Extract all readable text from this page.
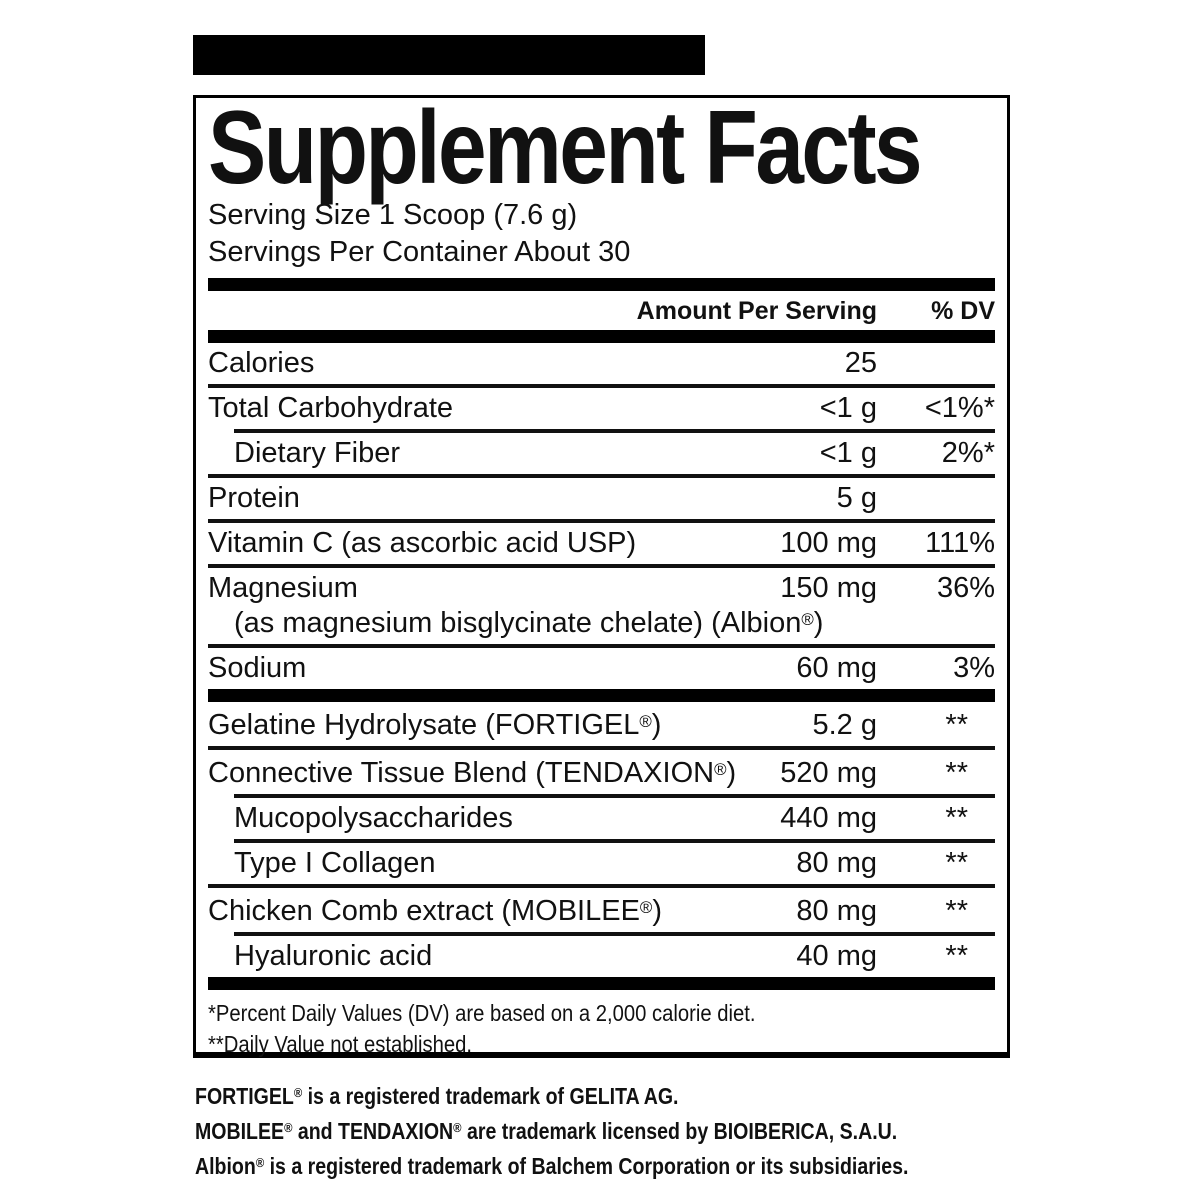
Supplement Facts
Serving Size 1 Scoop (7.6 g)
Servings Per Container About 30
Amount Per Serving	% DV
Calories	25
Total Carbohydrate	<1 g	<1%*
Dietary Fiber	<1 g	2%*
Protein	5 g
Vitamin C (as ascorbic acid USP)	100 mg	111%
Magnesium	150 mg	36%
(as magnesium bisglycinate chelate) (Albion®)
Sodium	60 mg	3%
Gelatine Hydrolysate (FORTIGEL®)	5.2 g	**
Connective Tissue Blend (TENDAXION®)	520 mg	**
Mucopolysaccharides	440 mg	**
Type I Collagen	80 mg	**
Chicken Comb extract (MOBILEE®)	80 mg	**
Hyaluronic acid	40 mg	**
*Percent Daily Values (DV) are based on a 2,000 calorie diet.
**Daily Value not established.
FORTIGEL® is a registered trademark of GELITA AG.
MOBILEE® and TENDAXION® are trademark licensed by BIOIBERICA, S.A.U.
Albion® is a registered trademark of Balchem Corporation or its subsidiaries.
